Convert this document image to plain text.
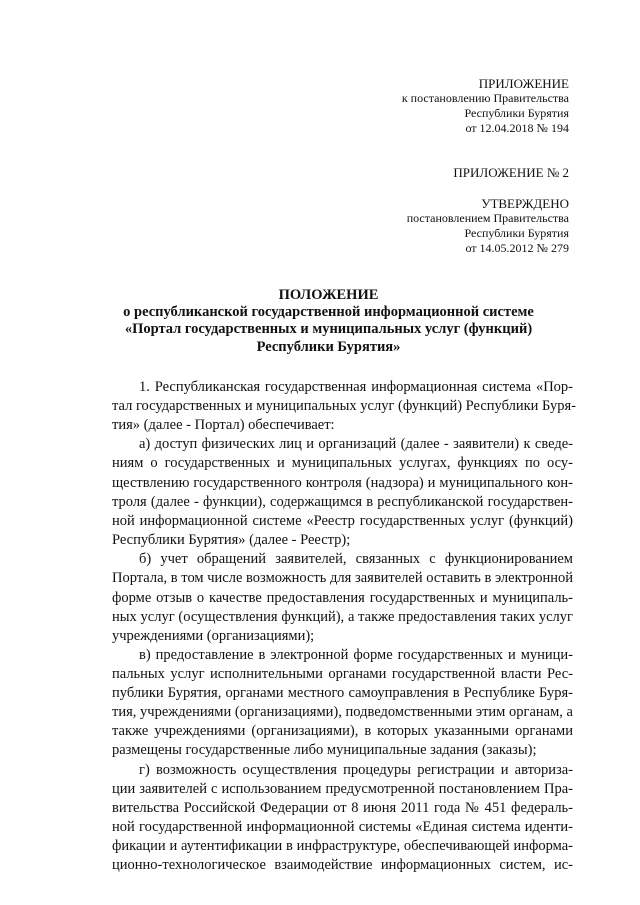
ПРИЛОЖЕНИЕ
к постановлению Правительства
Республики Бурятия
от 12.04.2018 № 194
ПРИЛОЖЕНИЕ № 2
УТВЕРЖДЕНО
постановлением Правительства
Республики Бурятия
от 14.05.2012 № 279
ПОЛОЖЕНИЕ
о республиканской государственной информационной системе
«Портал государственных и муниципальных услуг (функций)
Республики Бурятия»
1. Республиканская государственная информационная система «Пор-
тал государственных и муниципальных услуг (функций) Республики Буря-
тия» (далее - Портал) обеспечивает:
а) доступ физических лиц и организаций (далее - заявители) к сведе-
ниям о государственных и муниципальных услугах, функциях по осу-
ществлению государственного контроля (надзора) и муниципального кон-
троля (далее - функции), содержащимся в республиканской государствен-
ной информационной системе «Реестр государственных услуг (функций)
Республики Бурятия» (далее - Реестр);
б) учет обращений заявителей, связанных с функционированием
Портала, в том числе возможность для заявителей оставить в электронной
форме отзыв о качестве предоставления государственных и муниципаль-
ных услуг (осуществления функций), а также предоставления таких услуг
учреждениями (организациями);
в) предоставление в электронной форме государственных и муници-
пальных услуг исполнительными органами государственной власти Рес-
публики Бурятия, органами местного самоуправления в Республике Буря-
тия, учреждениями (организациями), подведомственными этим органам, а
также учреждениями (организациями), в которых указанными органами
размещены государственные либо муниципальные задания (заказы);
г) возможность осуществления процедуры регистрации и авториза-
ции заявителей с использованием предусмотренной постановлением Пра-
вительства Российской Федерации от 8 июня 2011 года № 451 федераль-
ной государственной информационной системы «Единая система иденти-
фикации и аутентификации в инфраструктуре, обеспечивающей информа-
ционно-технологическое взаимодействие информационных систем, ис-
